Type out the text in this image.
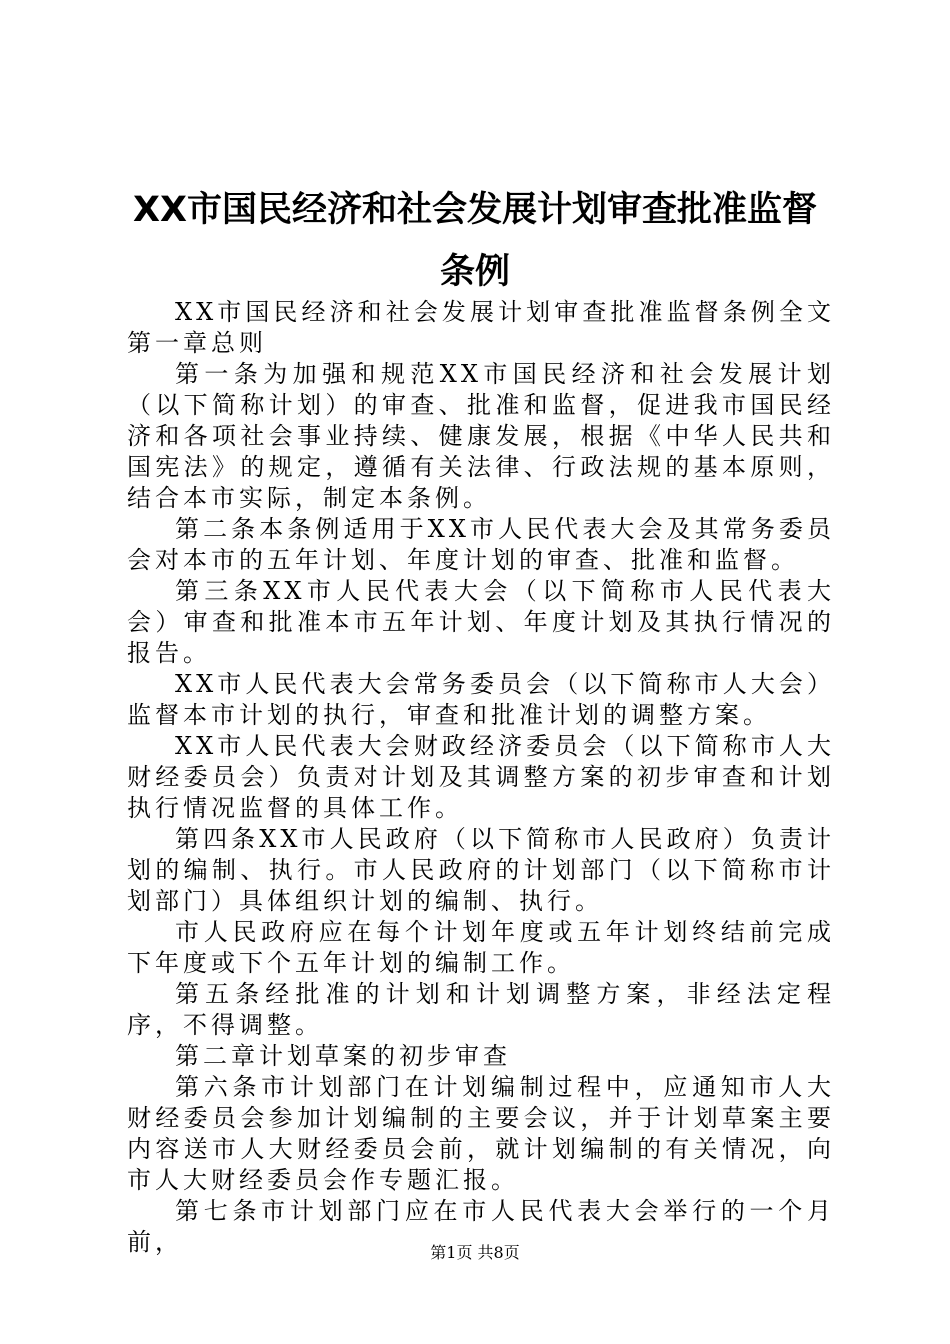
XX市国民经济和社会发展计划审查批准监督
条例

XX市国民经济和社会发展计划审查批准监督条例全文第一章总则

第一条为加强和规范XX市国民经济和社会发展计划（以下简称计划）的审查、批准和监督，促进我市国民经济和各项社会事业持续、健康发展，根据《中华人民共和国宪法》的规定，遵循有关法律、行政法规的基本原则，结合本市实际，制定本条例。

第二条本条例适用于XX市人民代表大会及其常务委员会对本市的五年计划、年度计划的审查、批准和监督。

第三条XX市人民代表大会（以下简称市人民代表大会）审查和批准本市五年计划、年度计划及其执行情况的报告。

XX市人民代表大会常务委员会（以下简称市人大会）监督本市计划的执行，审查和批准计划的调整方案。

XX市人民代表大会财政经济委员会（以下简称市人大财经委员会）负责对计划及其调整方案的初步审查和计划执行情况监督的具体工作。

第四条XX市人民政府（以下简称市人民政府）负责计划的编制、执行。市人民政府的计划部门（以下简称市计划部门）具体组织计划的编制、执行。

市人民政府应在每个计划年度或五年计划终结前完成下年度或下个五年计划的编制工作。

第五条经批准的计划和计划调整方案，非经法定程序，不得调整。

第二章计划草案的初步审查

第六条市计划部门在计划编制过程中，应通知市人大财经委员会参加计划编制的主要会议，并于计划草案主要内容送市人大财经委员会前，就计划编制的有关情况，向市人大财经委员会作专题汇报。

第七条市计划部门应在市人民代表大会举行的一个月前，	第1页 共8页
